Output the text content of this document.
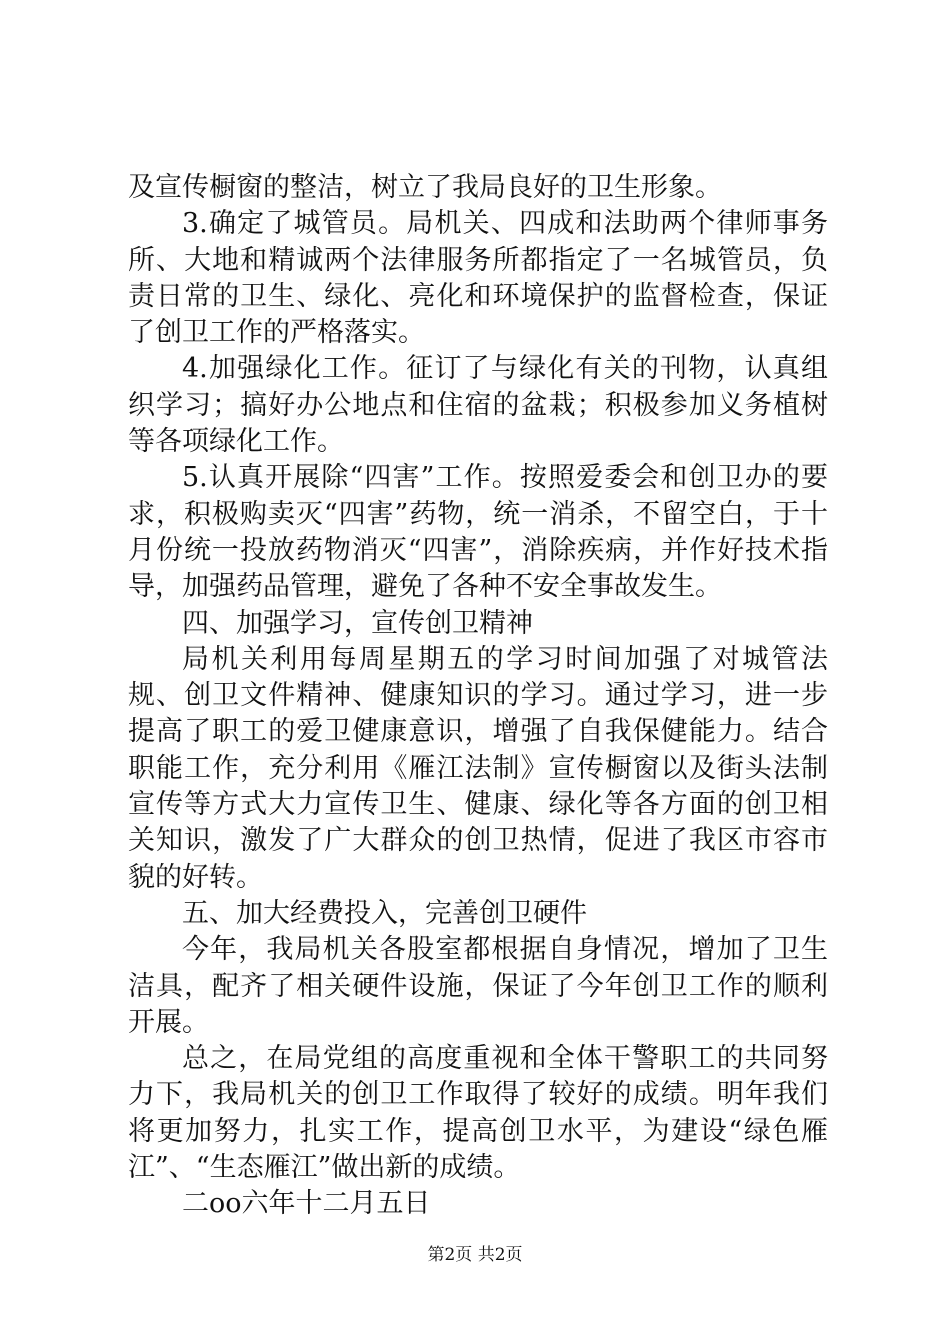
及宣传橱窗的整洁，树立了我局良好的卫生形象。

3.确定了城管员。局机关、四成和法助两个律师事务所、大地和精诚两个法律服务所都指定了一名城管员，负责日常的卫生、绿化、亮化和环境保护的监督检查，保证了创卫工作的严格落实。

4.加强绿化工作。征订了与绿化有关的刊物，认真组织学习；搞好办公地点和住宿的盆栽；积极参加义务植树等各项绿化工作。

5.认真开展除“四害”工作。按照爱委会和创卫办的要求，积极购卖灭“四害”药物，统一消杀，不留空白，于十月份统一投放药物消灭“四害”，消除疾病，并作好技术指导，加强药品管理，避免了各种不安全事故发生。

四、加强学习，宣传创卫精神

局机关利用每周星期五的学习时间加强了对城管法规、创卫文件精神、健康知识的学习。通过学习，进一步提高了职工的爱卫健康意识，增强了自我保健能力。结合职能工作，充分利用《雁江法制》宣传橱窗以及街头法制宣传等方式大力宣传卫生、健康、绿化等各方面的创卫相关知识，激发了广大群众的创卫热情，促进了我区市容市貌的好转。

五、加大经费投入，完善创卫硬件

今年，我局机关各股室都根据自身情况，增加了卫生洁具，配齐了相关硬件设施，保证了今年创卫工作的顺利开展。

总之，在局党组的高度重视和全体干警职工的共同努力下，我局机关的创卫工作取得了较好的成绩。明年我们将更加努力，扎实工作，提高创卫水平，为建设“绿色雁江”、“生态雁江”做出新的成绩。

二oo六年十二月五日

第2页 共2页
